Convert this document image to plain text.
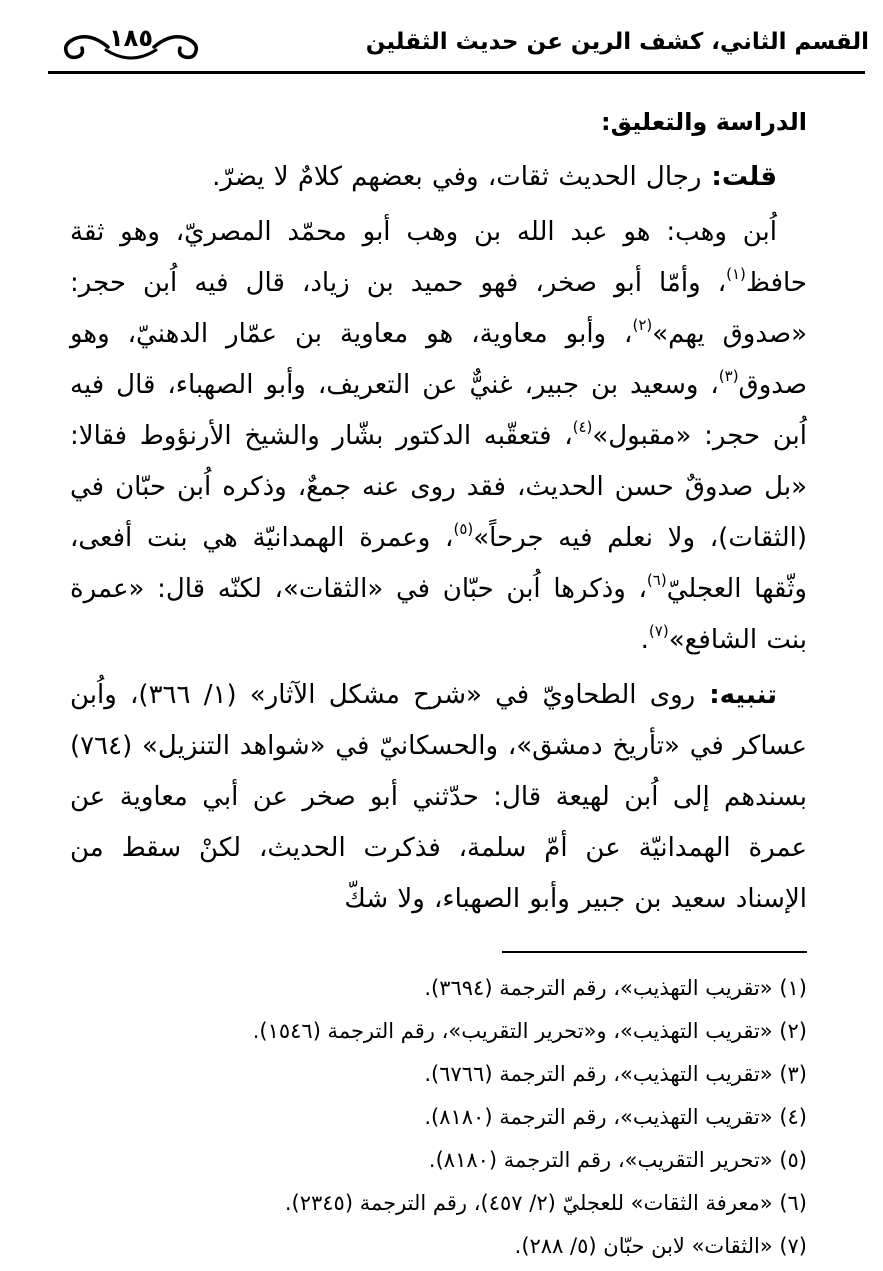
القسم الثاني، كشف الرين عن حديث الثقلين
١٨٥
الدراسة والتعليق:

قلت: رجال الحديث ثقات، وفي بعضهم كلامٌ لا يضرّ.

اُبن وهب: هو عبد الله بن وهب أبو محمّد المصريّ، وهو ثقة حافظ$^{(١)}$، وأمّا أبو صخر، فهو حميد بن زياد، قال فيه اُبن حجر: «صدوق يهم»$^{(٢)}$، وأبو معاوية، هو معاوية بن عمّار الدهنيّ، وهو صدوق$^{(٣)}$، وسعيد بن جبير، غنيٌّ عن التعريف، وأبو الصهباء، قال فيه اُبن حجر: «مقبول»$^{(٤)}$، فتعقّبه الدكتور بشّار والشيخ الأرنؤوط فقالا: «بل صدوقٌ حسن الحديث، فقد روى عنه جمعٌ، وذكره اُبن حبّان في (الثقات)، ولا نعلم فيه جرحاً»$^{(٥)}$، وعمرة الهمدانيّة هي بنت أفعى، وثّقها العجليّ$^{(٦)}$، وذكرها اُبن حبّان في «الثقات»، لكنّه قال: «عمرة بنت الشافع»$^{(٧)}$.

تنبيه: روى الطحاويّ في «شرح مشكل الآثار» (١/ ٣٦٦)، واُبن عساكر في «تأريخ دمشق»، والحسكانيّ في «شواهد التنزيل» (٧٦٤) بسندهم إلى اُبن لهيعة قال: حدّثني أبو صخر عن أبي معاوية عن عمرة الهمدانيّة عن أمّ سلمة، فذكرت الحديث، لكنْ سقط من الإسناد سعيد بن جبير وأبو الصهباء، ولا شكّ

(١) «تقريب التهذيب»، رقم الترجمة (٣٦٩٤).
(٢) «تقريب التهذيب»، و«تحرير التقريب»، رقم الترجمة (١٥٤٦).
(٣) «تقريب التهذيب»، رقم الترجمة (٦٧٦٦).
(٤) «تقريب التهذيب»، رقم الترجمة (٨١٨٠).
(٥) «تحرير التقريب»، رقم الترجمة (٨١٨٠).
(٦) «معرفة الثقات» للعجليّ (٢/ ٤٥٧)، رقم الترجمة (٢٣٤٥).
(٧) «الثقات» لابن حبّان (٥/ ٢٨٨).
